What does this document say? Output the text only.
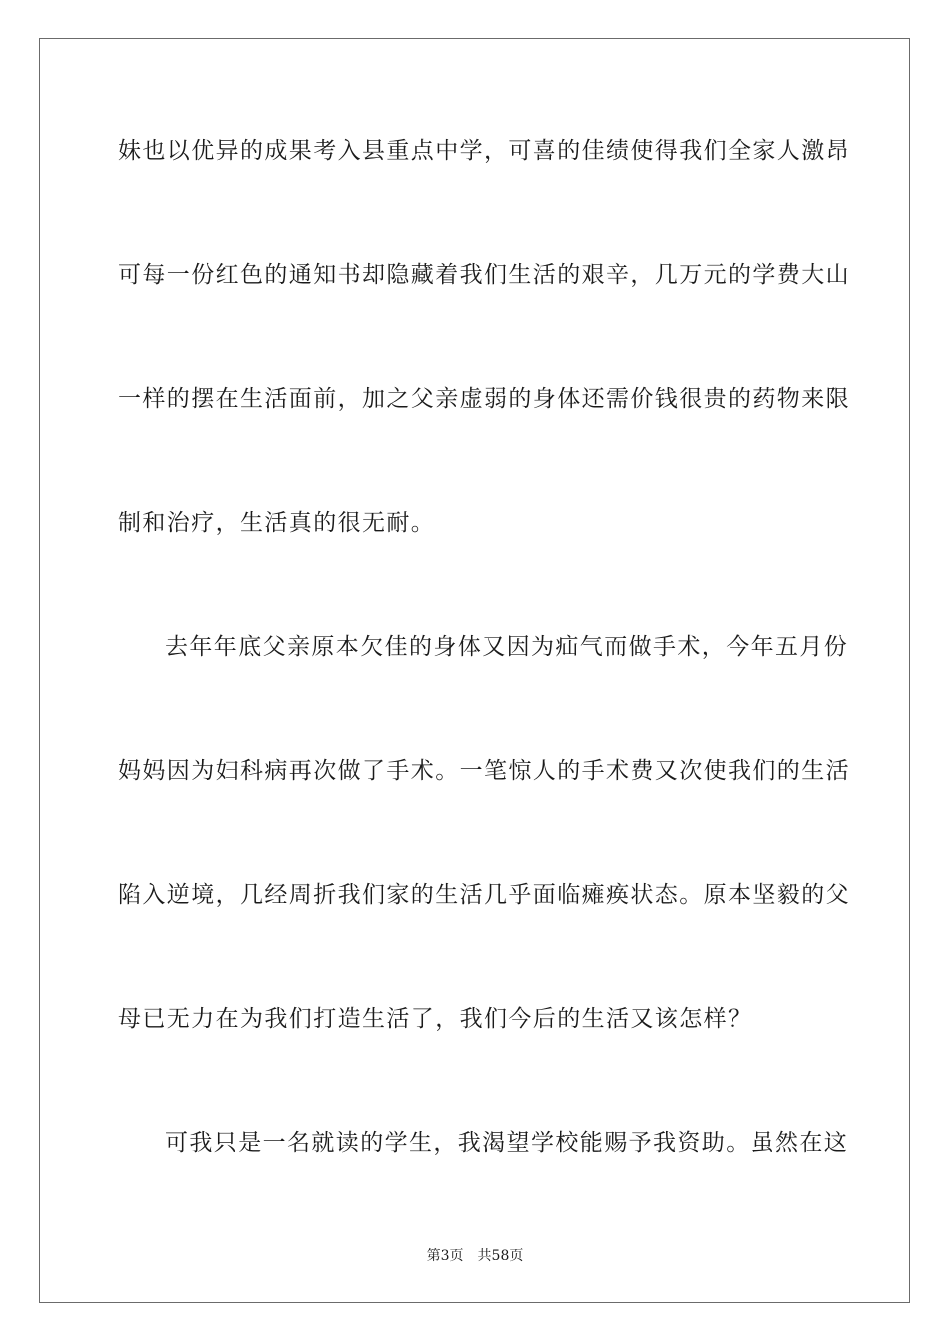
妹也以优异的成果考入县重点中学，可喜的佳绩使得我们全家人激昂
可每一份红色的通知书却隐藏着我们生活的艰辛，几万元的学费大山
一样的摆在生活面前，加之父亲虚弱的身体还需价钱很贵的药物来限
制和治疗，生活真的很无耐。
去年年底父亲原本欠佳的身体又因为疝气而做手术，今年五月份
妈妈因为妇科病再次做了手术。一笔惊人的手术费又次使我们的生活
陷入逆境，几经周折我们家的生活几乎面临瘫痪状态。原本坚毅的父
母已无力在为我们打造生活了，我们今后的生活又该怎样？
可我只是一名就读的学生，我渴望学校能赐予我资助。虽然在这
第3页 共58页
